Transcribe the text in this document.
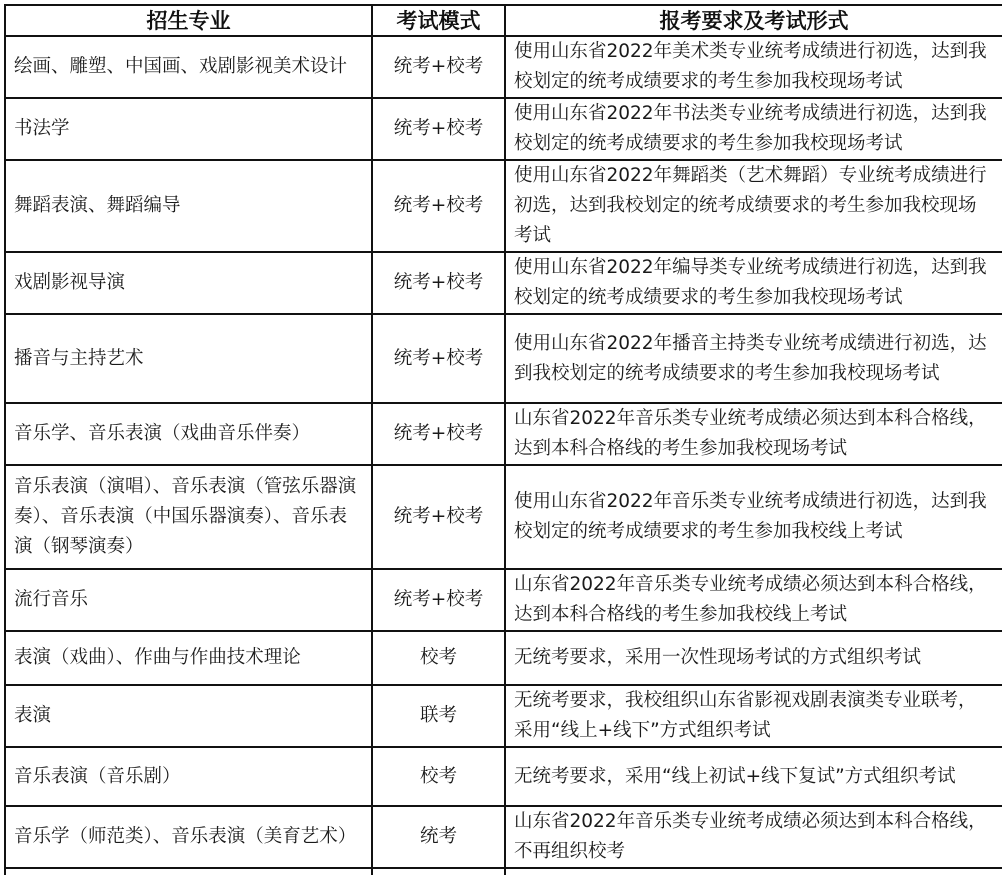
招生专业	考试模式	报考要求及考试形式
绘画、雕塑、中国画、戏剧影视美术设计	统考+校考	使用山东省2022年美术类专业统考成绩进行初选，达到我校划定的统考成绩要求的考生参加我校现场考试
书法学	统考+校考	使用山东省2022年书法类专业统考成绩进行初选，达到我校划定的统考成绩要求的考生参加我校现场考试
舞蹈表演、舞蹈编导	统考+校考	使用山东省2022年舞蹈类（艺术舞蹈）专业统考成绩进行初选，达到我校划定的统考成绩要求的考生参加我校现场考试
戏剧影视导演	统考+校考	使用山东省2022年编导类专业统考成绩进行初选，达到我校划定的统考成绩要求的考生参加我校现场考试
播音与主持艺术	统考+校考	使用山东省2022年播音主持类专业统考成绩进行初选，达到我校划定的统考成绩要求的考生参加我校现场考试
音乐学、音乐表演（戏曲音乐伴奏）	统考+校考	山东省2022年音乐类专业统考成绩必须达到本科合格线，达到本科合格线的考生参加我校现场考试
音乐表演（演唱）、音乐表演（管弦乐器演奏）、音乐表演（中国乐器演奏）、音乐表演（钢琴演奏）	统考+校考	使用山东省2022年音乐类专业统考成绩进行初选，达到我校划定的统考成绩要求的考生参加我校线上考试
流行音乐	统考+校考	山东省2022年音乐类专业统考成绩必须达到本科合格线，达到本科合格线的考生参加我校线上考试
表演（戏曲）、作曲与作曲技术理论	校考	无统考要求，采用一次性现场考试的方式组织考试
表演	联考	无统考要求，我校组织山东省影视戏剧表演类专业联考，采用“线上+线下”方式组织考试
音乐表演（音乐剧）	校考	无统考要求，采用“线上初试+线下复试”方式组织考试
音乐学（师范类）、音乐表演（美育艺术）	统考	山东省2022年音乐类专业统考成绩必须达到本科合格线，不再组织校考
